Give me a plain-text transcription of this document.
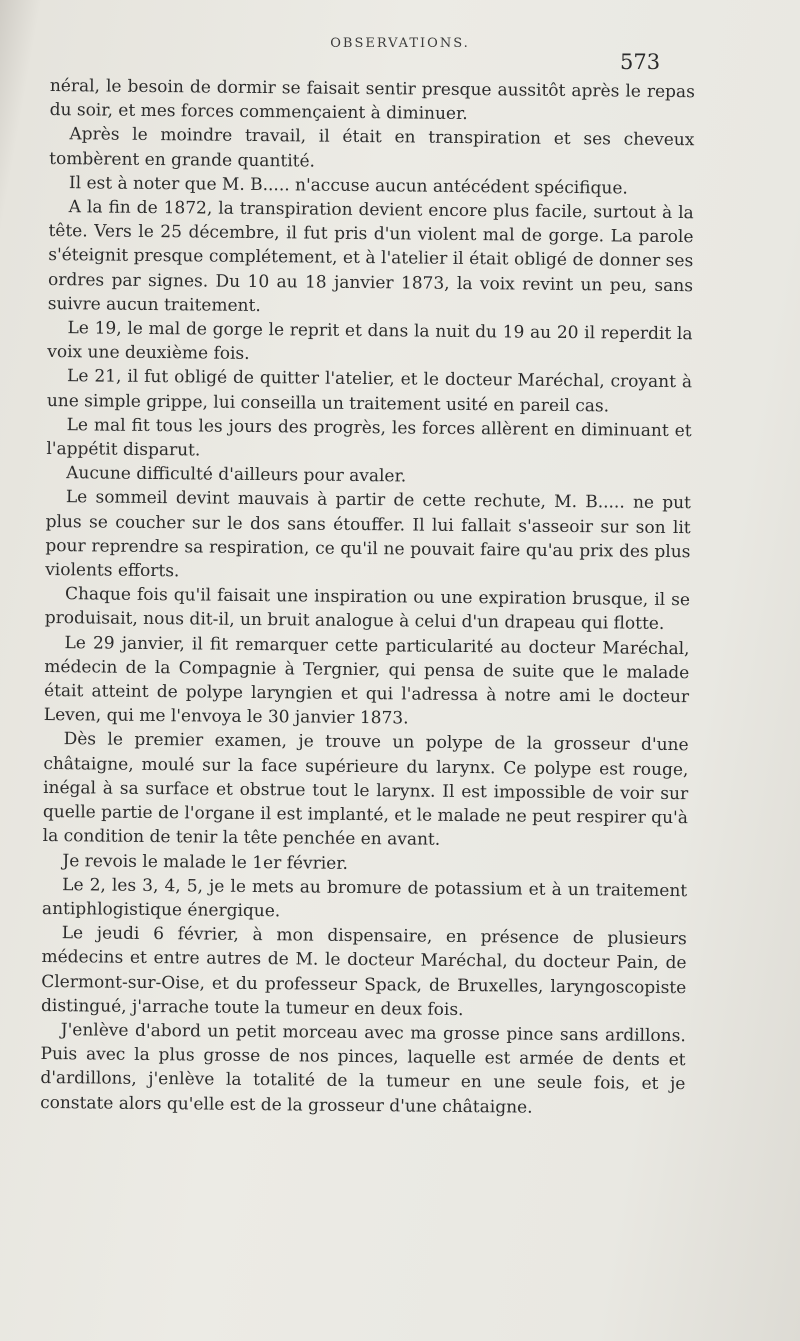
OBSERVATIONS.
573

néral, le besoin de dormir se faisait sentir presque aussitôt après le repas du soir, et mes forces commençaient à diminuer.

Après le moindre travail, il était en transpiration et ses cheveux tombèrent en grande quantité.

Il est à noter que M. B..... n'accuse aucun antécédent spécifique.

A la fin de 1872, la transpiration devient encore plus facile, surtout à la tête. Vers le 25 décembre, il fut pris d'un violent mal de gorge. La parole s'éteignit presque complétement, et à l'atelier il était obligé de donner ses ordres par signes. Du 10 au 18 janvier 1873, la voix revint un peu, sans suivre aucun traitement.

Le 19, le mal de gorge le reprit et dans la nuit du 19 au 20 il reperdit la voix une deuxième fois.

Le 21, il fut obligé de quitter l'atelier, et le docteur Maréchal, croyant à une simple grippe, lui conseilla un traitement usité en pareil cas.

Le mal fit tous les jours des progrès, les forces allèrent en diminuant et l'appétit disparut.

Aucune difficulté d'ailleurs pour avaler.

Le sommeil devint mauvais à partir de cette rechute, M. B..... ne put plus se coucher sur le dos sans étouffer. Il lui fallait s'asseoir sur son lit pour reprendre sa respiration, ce qu'il ne pouvait faire qu'au prix des plus violents efforts.

Chaque fois qu'il faisait une inspiration ou une expiration brusque, il se produisait, nous dit-il, un bruit analogue à celui d'un drapeau qui flotte.

Le 29 janvier, il fit remarquer cette particularité au docteur Maréchal, médecin de la Compagnie à Tergnier, qui pensa de suite que le malade était atteint de polype laryngien et qui l'adressa à notre ami le docteur Leven, qui me l'envoya le 30 janvier 1873.

Dès le premier examen, je trouve un polype de la grosseur d'une châtaigne, moulé sur la face supérieure du larynx. Ce polype est rouge, inégal à sa surface et obstrue tout le larynx. Il est impossible de voir sur quelle partie de l'organe il est implanté, et le malade ne peut respirer qu'à la condition de tenir la tête penchée en avant.

Je revois le malade le 1er février.

Le 2, les 3, 4, 5, je le mets au bromure de potassium et à un traitement antiphlogistique énergique.

Le jeudi 6 février, à mon dispensaire, en présence de plusieurs médecins et entre autres de M. le docteur Maréchal, du docteur Pain, de Clermont-sur-Oise, et du professeur Spack, de Bruxelles, laryngoscopiste distingué, j'arrache toute la tumeur en deux fois.

J'enlève d'abord un petit morceau avec ma grosse pince sans ardillons. Puis avec la plus grosse de nos pinces, laquelle est armée de dents et d'ardillons, j'enlève la totalité de la tumeur en une seule fois, et je constate alors qu'elle est de la grosseur d'une châtaigne.
